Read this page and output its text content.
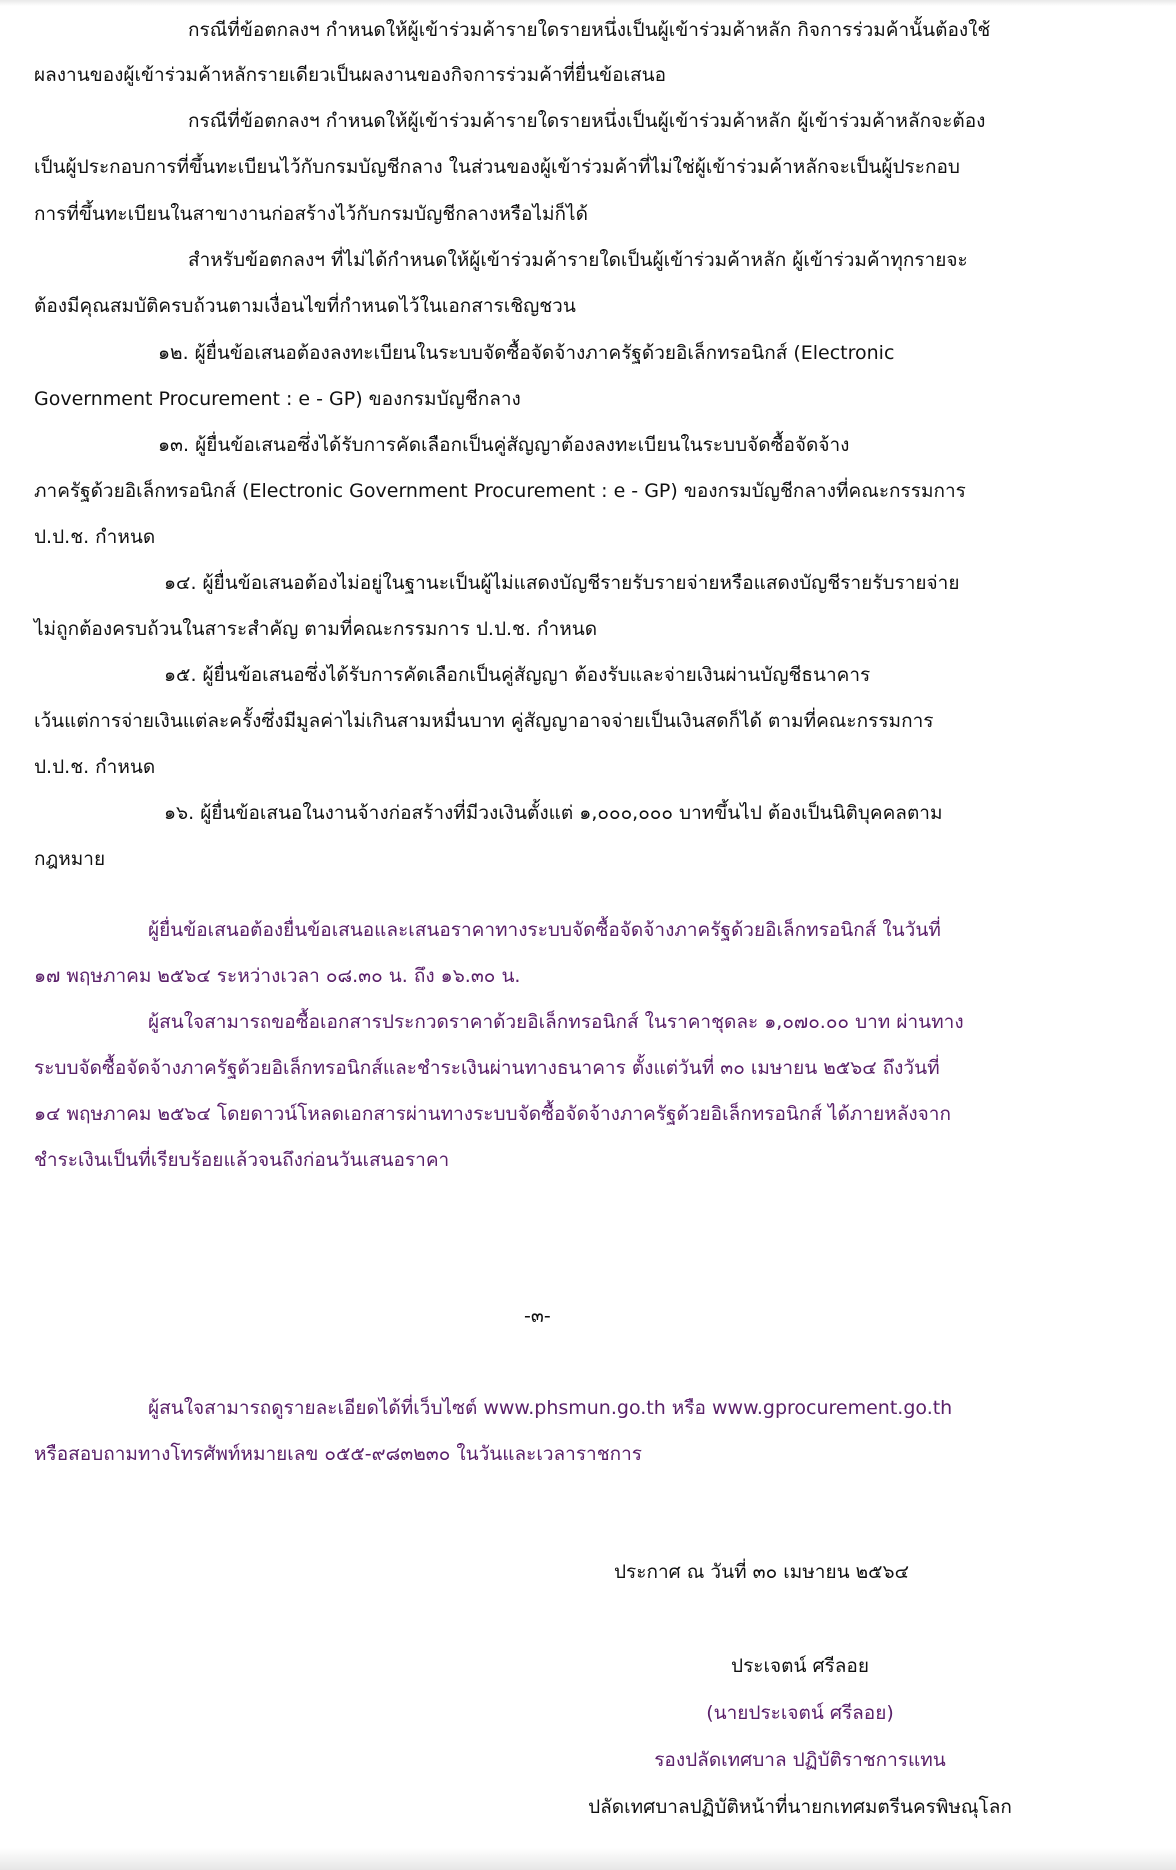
กรณีที่ข้อตกลงฯ กำหนดให้ผู้เข้าร่วมค้ารายใดรายหนึ่งเป็นผู้เข้าร่วมค้าหลัก กิจการร่วมค้านั้นต้องใช้
ผลงานของผู้เข้าร่วมค้าหลักรายเดียวเป็นผลงานของกิจการร่วมค้าที่ยื่นข้อเสนอ
กรณีที่ข้อตกลงฯ กำหนดให้ผู้เข้าร่วมค้ารายใดรายหนึ่งเป็นผู้เข้าร่วมค้าหลัก ผู้เข้าร่วมค้าหลักจะต้อง
เป็นผู้ประกอบการที่ขึ้นทะเบียนไว้กับกรมบัญชีกลาง ในส่วนของผู้เข้าร่วมค้าที่ไม่ใช่ผู้เข้าร่วมค้าหลักจะเป็นผู้ประกอบ
การที่ขึ้นทะเบียนในสาขางานก่อสร้างไว้กับกรมบัญชีกลางหรือไม่ก็ได้
สำหรับข้อตกลงฯ ที่ไม่ได้กำหนดให้ผู้เข้าร่วมค้ารายใดเป็นผู้เข้าร่วมค้าหลัก ผู้เข้าร่วมค้าทุกรายจะ
ต้องมีคุณสมบัติครบถ้วนตามเงื่อนไขที่กำหนดไว้ในเอกสารเชิญชวน
๑๒. ผู้ยื่นข้อเสนอต้องลงทะเบียนในระบบจัดซื้อจัดจ้างภาครัฐด้วยอิเล็กทรอนิกส์ (Electronic
Government Procurement : e - GP) ของกรมบัญชีกลาง
๑๓. ผู้ยื่นข้อเสนอซึ่งได้รับการคัดเลือกเป็นคู่สัญญาต้องลงทะเบียนในระบบจัดซื้อจัดจ้าง
ภาครัฐด้วยอิเล็กทรอนิกส์ (Electronic Government Procurement : e - GP) ของกรมบัญชีกลางที่คณะกรรมการ
ป.ป.ช. กำหนด
๑๔. ผู้ยื่นข้อเสนอต้องไม่อยู่ในฐานะเป็นผู้ไม่แสดงบัญชีรายรับรายจ่ายหรือแสดงบัญชีรายรับรายจ่าย
ไม่ถูกต้องครบถ้วนในสาระสำคัญ ตามที่คณะกรรมการ ป.ป.ช. กำหนด
๑๕. ผู้ยื่นข้อเสนอซึ่งได้รับการคัดเลือกเป็นคู่สัญญา ต้องรับและจ่ายเงินผ่านบัญชีธนาคาร
เว้นแต่การจ่ายเงินแต่ละครั้งซึ่งมีมูลค่าไม่เกินสามหมื่นบาท คู่สัญญาอาจจ่ายเป็นเงินสดก็ได้ ตามที่คณะกรรมการ
ป.ป.ช. กำหนด
๑๖. ผู้ยื่นข้อเสนอในงานจ้างก่อสร้างที่มีวงเงินตั้งแต่ ๑,๐๐๐,๐๐๐ บาทขึ้นไป ต้องเป็นนิติบุคคลตาม
กฎหมาย
ผู้ยื่นข้อเสนอต้องยื่นข้อเสนอและเสนอราคาทางระบบจัดซื้อจัดจ้างภาครัฐด้วยอิเล็กทรอนิกส์ ในวันที่
๑๗ พฤษภาคม ๒๕๖๔ ระหว่างเวลา ๐๘.๓๐ น. ถึง ๑๖.๓๐ น.
ผู้สนใจสามารถขอซื้อเอกสารประกวดราคาด้วยอิเล็กทรอนิกส์ ในราคาชุดละ ๑,๐๗๐.๐๐ บาท ผ่านทาง
ระบบจัดซื้อจัดจ้างภาครัฐด้วยอิเล็กทรอนิกส์และชำระเงินผ่านทางธนาคาร ตั้งแต่วันที่ ๓๐ เมษายน ๒๕๖๔ ถึงวันที่
๑๔ พฤษภาคม ๒๕๖๔ โดยดาวน์โหลดเอกสารผ่านทางระบบจัดซื้อจัดจ้างภาครัฐด้วยอิเล็กทรอนิกส์ ได้ภายหลังจาก
ชำระเงินเป็นที่เรียบร้อยแล้วจนถึงก่อนวันเสนอราคา
-๓-
ผู้สนใจสามารถดูรายละเอียดได้ที่เว็บไซต์ www.phsmun.go.th หรือ www.gprocurement.go.th
หรือสอบถามทางโทรศัพท์หมายเลข ๐๕๕-๙๘๓๒๓๐ ในวันและเวลาราชการ
ประกาศ ณ วันที่ ๓๐ เมษายน ๒๕๖๔
ประเจตน์ ศรีลอย
(นายประเจตน์ ศรีลอย)
รองปลัดเทศบาล ปฏิบัติราชการแทน
ปลัดเทศบาลปฏิบัติหน้าที่นายกเทศมตรีนครพิษณุโลก
